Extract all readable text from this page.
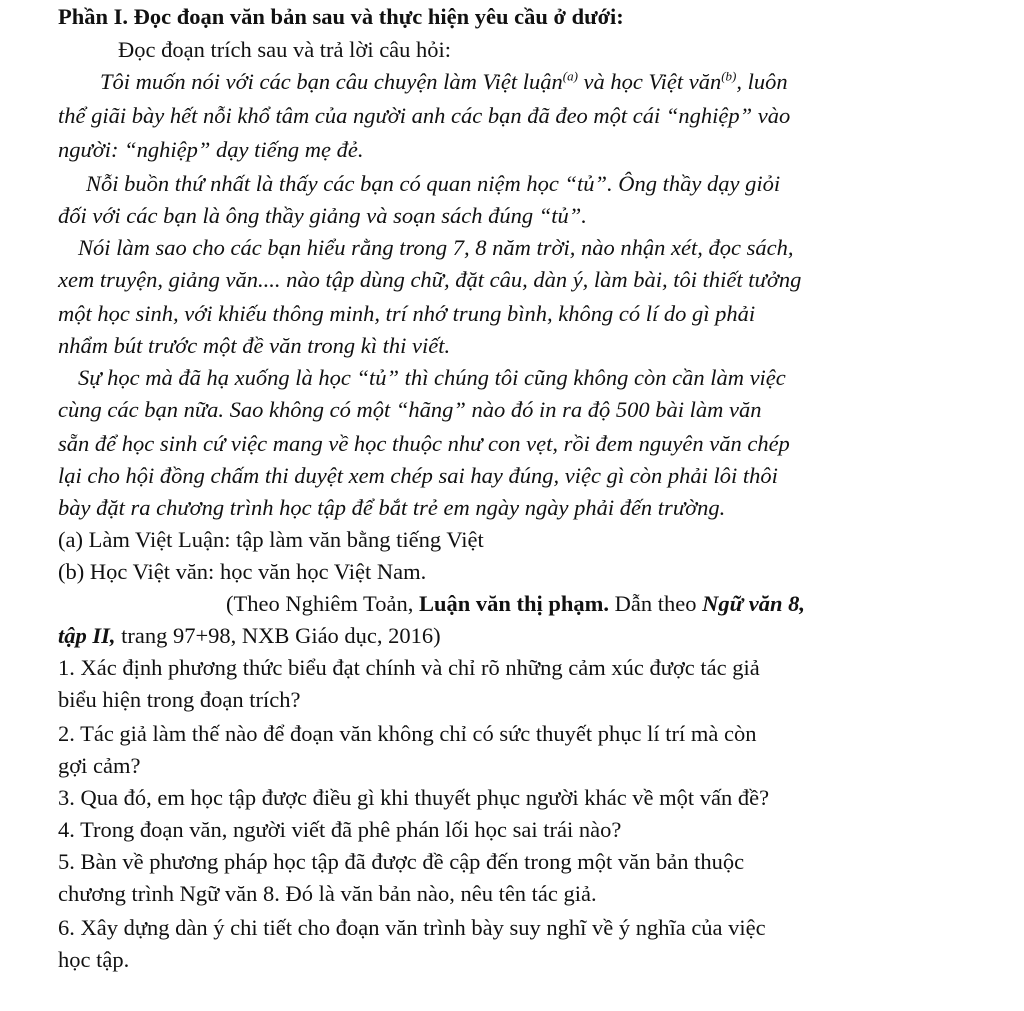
Phần I. Đọc đoạn văn bản sau và thực hiện yêu cầu ở dưới:
Đọc đoạn trích sau và trả lời câu hỏi:
Tôi muốn nói với các bạn câu chuyện làm Việt luận$^{(a)}$ và học Việt văn$^{(b)}$, luôn
thể giãi bày hết nỗi khổ tâm của người anh các bạn đã đeo một cái “nghiệp” vào
người: “nghiệp” dạy tiếng mẹ đẻ.
Nỗi buồn thứ nhất là thấy các bạn có quan niệm học “tủ”. Ông thầy dạy giỏi
đối với các bạn là ông thầy giảng và soạn sách đúng “tủ”.
Nói làm sao cho các bạn hiểu rằng trong 7, 8 năm trời, nào nhận xét, đọc sách,
xem truyện, giảng văn.... nào tập dùng chữ, đặt câu, dàn ý, làm bài, tôi thiết tưởng
một học sinh, với khiếu thông minh, trí nhớ trung bình, không có lí do gì phải
nhẩm bút trước một đề văn trong kì thi viết.
Sự học mà đã hạ xuống là học “tủ” thì chúng tôi cũng không còn cần làm việc
cùng các bạn nữa. Sao không có một “hãng” nào đó in ra độ 500 bài làm văn
sẵn để học sinh cứ việc mang về học thuộc như con vẹt, rồi đem nguyên văn chép
lại cho hội đồng chấm thi duyệt xem chép sai hay đúng, việc gì còn phải lôi thôi
bày đặt ra chương trình học tập để bắt trẻ em ngày ngày phải đến trường.
(a) Làm Việt Luận: tập làm văn bằng tiếng Việt
(b) Học Việt văn: học văn học Việt Nam.
(Theo Nghiêm Toản, Luận văn thị phạm. Dẫn theo Ngữ văn 8,
tập II, trang 97+98, NXB Giáo dục, 2016)
1. Xác định phương thức biểu đạt chính và chỉ rõ những cảm xúc được tác giả
biểu hiện trong đoạn trích?
2. Tác giả làm thế nào để đoạn văn không chỉ có sức thuyết phục lí trí mà còn
gợi cảm?
3. Qua đó, em học tập được điều gì khi thuyết phục người khác về một vấn đề?
4. Trong đoạn văn, người viết đã phê phán lối học sai trái nào?
5. Bàn về phương pháp học tập đã được đề cập đến trong một văn bản thuộc
chương trình Ngữ văn 8. Đó là văn bản nào, nêu tên tác giả.
6. Xây dựng dàn ý chi tiết cho đoạn văn trình bày suy nghĩ về ý nghĩa của việc
học tập.
